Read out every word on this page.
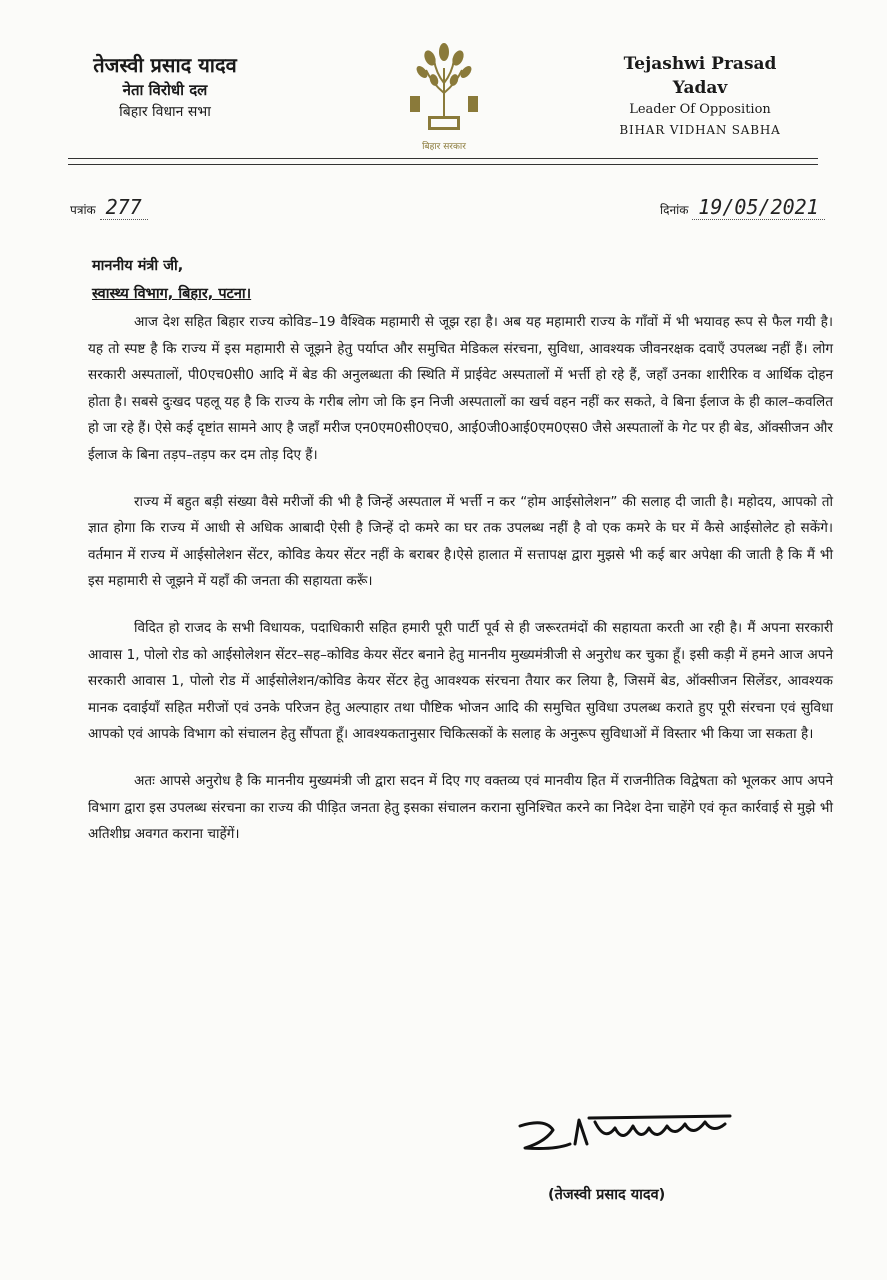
तेजस्वी प्रसाद यादव
नेता विरोधी दल
बिहार विधान सभा
बिहार सरकार
Tejashwi Prasad Yadav
Leader Of Opposition
BIHAR VIDHAN SABHA
पत्रांक 277	दिनांक 19/05/2021
माननीय मंत्री जी,
स्वास्थ्य विभाग, बिहार, पटना।

आज देश सहित बिहार राज्य कोविड–19 वैश्विक महामारी से जूझ रहा है। अब यह महामारी राज्य के गाँवों में भी भयावह रूप से फैल गयी है। यह तो स्पष्ट है कि राज्य में इस महामारी से जूझने हेतु पर्याप्त और समुचित मेडिकल संरचना, सुविधा, आवश्यक जीवनरक्षक दवाएँ उपलब्ध नहीं हैं। लोग सरकारी अस्पतालों, पी0एच0सी0 आदि में बेड की अनुलब्धता की स्थिति में प्राईवेट अस्पतालों में भर्त्ती हो रहे हैं, जहाँ उनका शारीरिक व आर्थिक दोहन होता है। सबसे दुःखद पहलू यह है कि राज्य के गरीब लोग जो कि इन निजी अस्पतालों का खर्च वहन नहीं कर सकते, वे बिना ईलाज के ही काल–कवलित हो जा रहे हैं। ऐसे कई दृष्टांत सामने आए है जहाँ मरीज एन0एम0सी0एच0, आई0जी0आई0एम0एस0 जैसे अस्पतालों के गेट पर ही बेड, ऑक्सीजन और ईलाज के बिना तड़प–तड़प कर दम तोड़ दिए हैं।

राज्य में बहुत बड़ी संख्या वैसे मरीजों की भी है जिन्हें अस्पताल में भर्त्ती न कर “होम आईसोलेशन” की सलाह दी जाती है। महोदय, आपको तो ज्ञात होगा कि राज्य में आधी से अधिक आबादी ऐसी है जिन्हें दो कमरे का घर तक उपलब्ध नहीं है वो एक कमरे के घर में कैसे आईसोलेट हो सकेंगे। वर्तमान में राज्य में आईसोलेशन सेंटर, कोविड केयर सेंटर नहीं के बराबर है।ऐसे हालात में सत्तापक्ष द्वारा मुझसे भी कई बार अपेक्षा की जाती है कि मैं भी इस महामारी से जूझने में यहाँ की जनता की सहायता करूँ।

विदित हो राजद के सभी विधायक, पदाधिकारी सहित हमारी पूरी पार्टी पूर्व से ही जरूरतमंदों की सहायता करती आ रही है। मैं अपना सरकारी आवास 1, पोलो रोड को आईसोलेशन सेंटर–सह–कोविड केयर सेंटर बनाने हेतु माननीय मुख्यमंत्रीजी से अनुरोध कर चुका हूँ। इसी कड़ी में हमने आज अपने सरकारी आवास 1, पोलो रोड में आईसोलेशन/कोविड केयर सेंटर हेतु आवश्यक संरचना तैयार कर लिया है, जिसमें बेड, ऑक्सीजन सिलेंडर, आवश्यक मानक दवाईयाँ सहित मरीजों एवं उनके परिजन हेतु अल्पाहार तथा पौष्टिक भोजन आदि की समुचित सुविधा उपलब्ध कराते हुए पूरी संरचना एवं सुविधा आपको एवं आपके विभाग को संचालन हेतु सौंपता हूँ। आवश्यकतानुसार चिकित्सकों के सलाह के अनुरूप सुविधाओं में विस्तार भी किया जा सकता है।

अतः आपसे अनुरोध है कि माननीय मुख्यमंत्री जी द्वारा सदन में दिए गए वक्तव्य एवं मानवीय हित में राजनीतिक विद्वेषता को भूलकर आप अपने विभाग द्वारा इस उपलब्ध संरचना का राज्य की पीड़ित जनता हेतु इसका संचालन कराना सुनिश्चित करने का निदेश देना चाहेंगे एवं कृत कार्रवाई से मुझे भी अतिशीघ्र अवगत कराना चाहेंगें।

(तेजस्वी प्रसाद यादव)
